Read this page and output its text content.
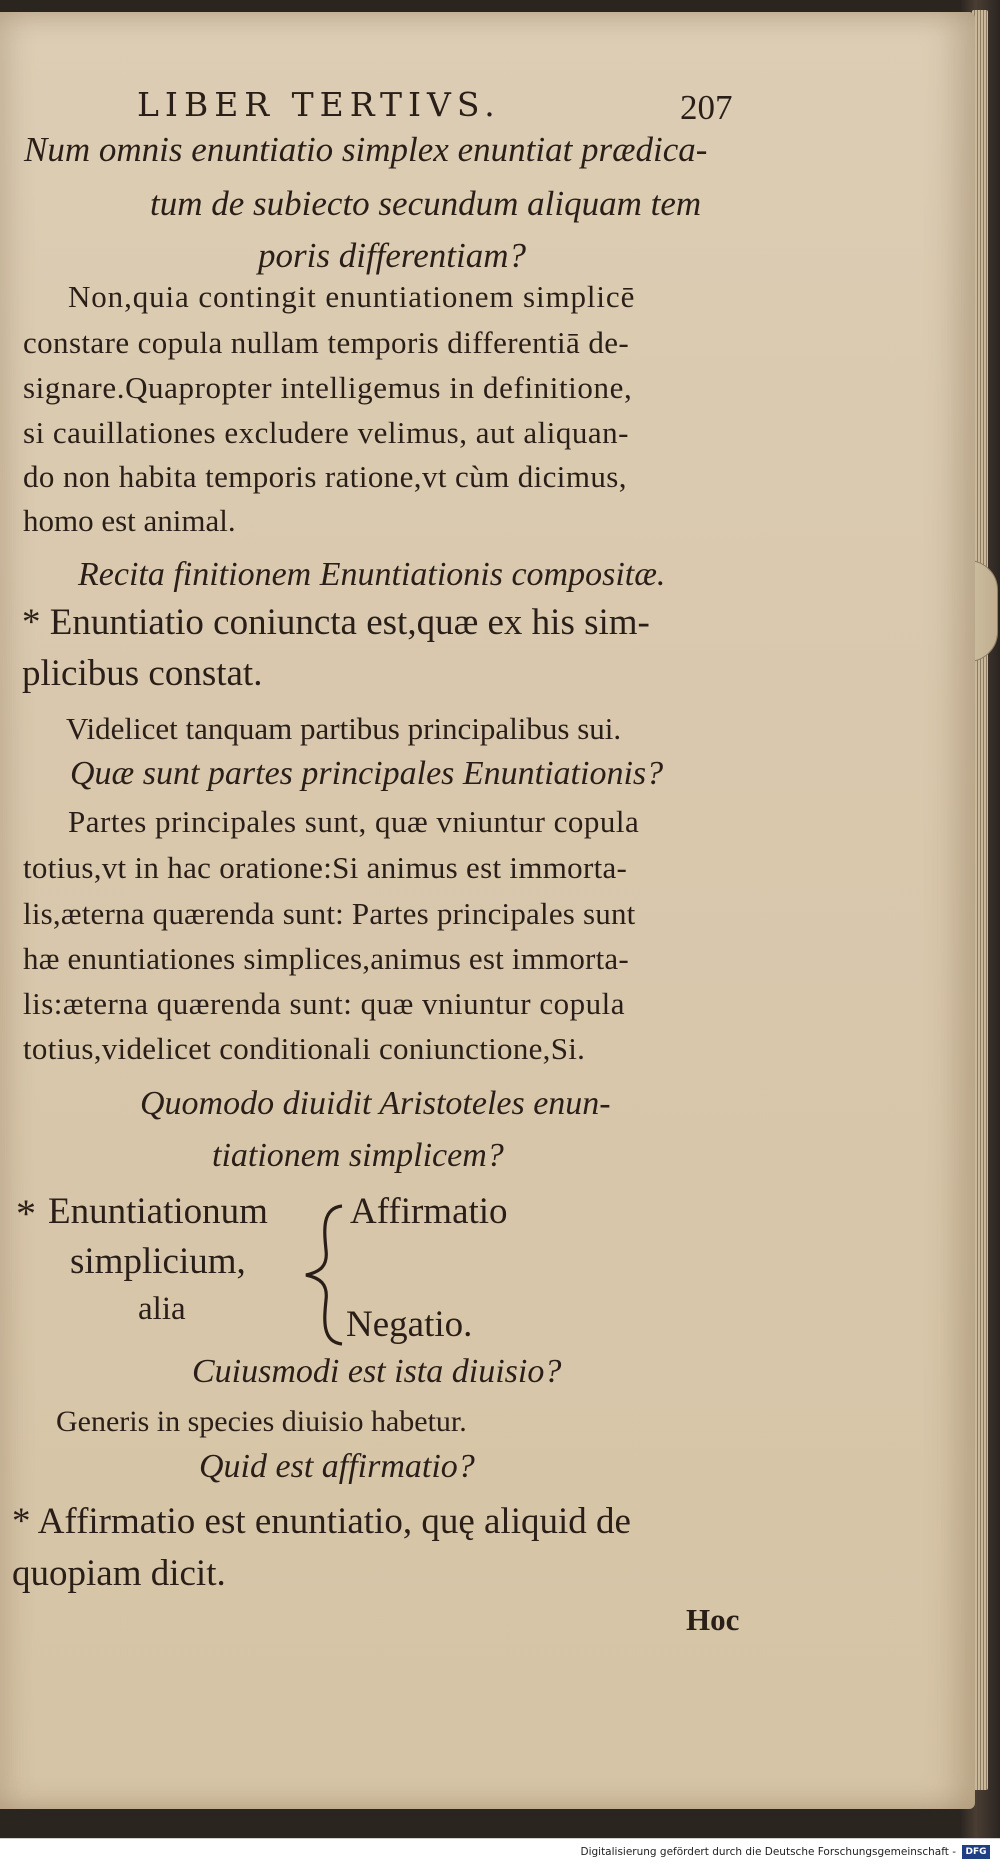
LIBER TERTIVS.	207
Num omnis enuntiatio simplex enuntiat prædica-
tum de subiecto secundum aliquam tem
poris differentiam?
Non,quia contingit enuntiationem simplicē
constare copula nullam temporis differentiā de-
signare.Quapropter intelligemus in definitione,
si cauillationes excludere velimus, aut aliquan-
do non habita temporis ratione,vt cùm dicimus,
homo est animal.
Recita finitionem Enuntiationis compositæ.
* Enuntiatio coniuncta est,quæ ex his sim-
plicibus constat.
Videlicet tanquam partibus principalibus sui.
Quæ sunt partes principales Enuntiationis?
Partes principales sunt, quæ vniuntur copula
totius,vt in hac oratione:Si animus est immorta-
lis,æterna quærenda sunt: Partes principales sunt
hæ enuntiationes simplices,animus est immorta-
lis:æterna quærenda sunt: quæ vniuntur copula
totius,videlicet conditionali coniunctione,Si.
Quomodo diuidit Aristoteles enun-
tiationem simplicem?
* Enuntiationum
simplicium,
alia
Affirmatio
Negatio.
Cuiusmodi est ista diuisio?
Generis in species diuisio habetur.
Quid est affirmatio?
* Affirmatio est enuntiatio, quę aliquid de
quopiam dicit.
Hoc
Digitalisierung gefördert durch die Deutsche Forschungsgemeinschaft -	DFG
